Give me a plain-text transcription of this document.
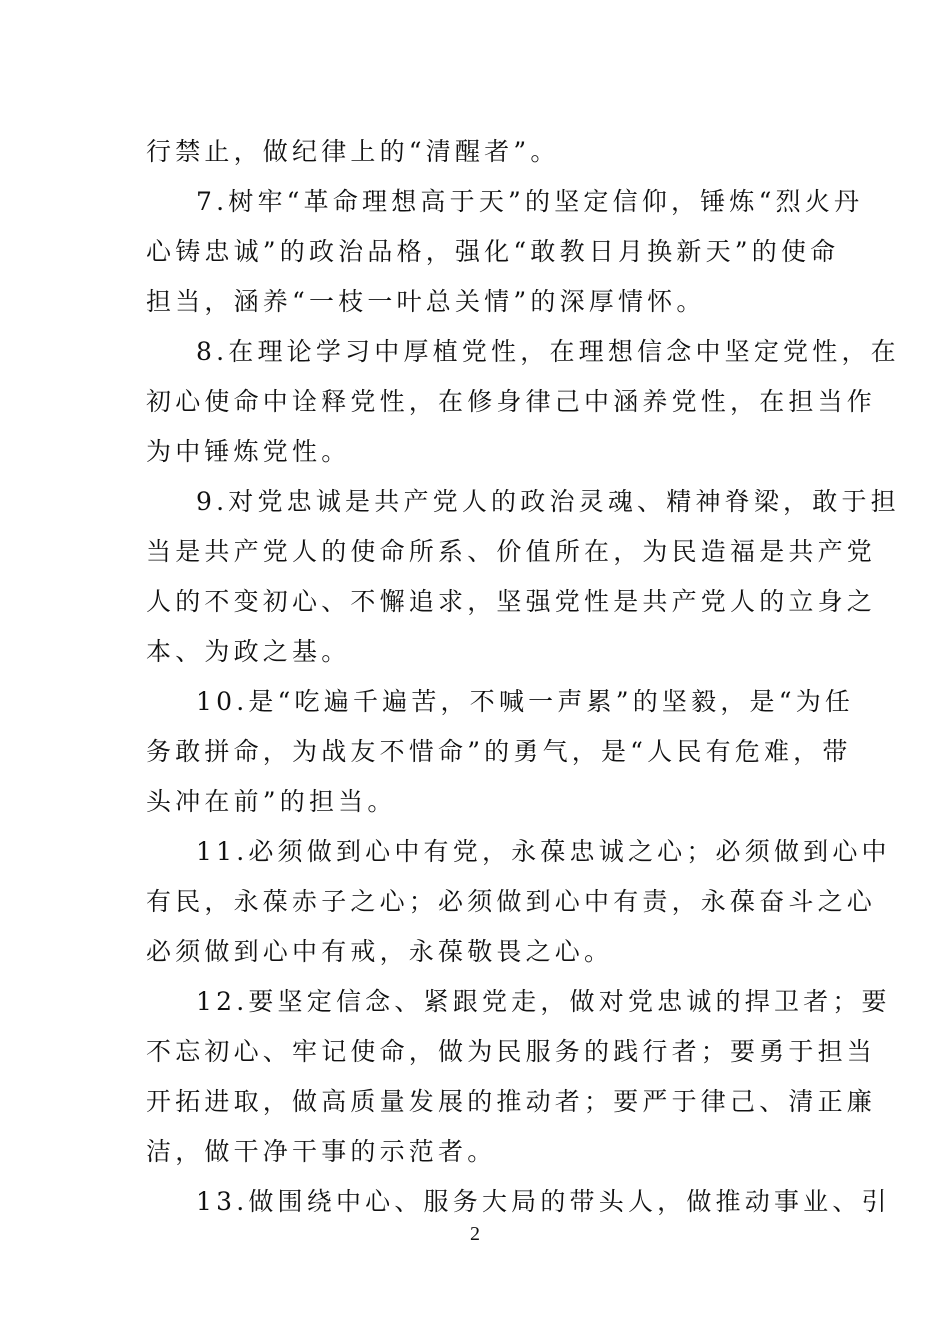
行禁止，做纪律上的“清醒者”。
7.树牢“革命理想高于天”的坚定信仰，锤炼“烈火丹
心铸忠诚”的政治品格，强化“敢教日月换新天”的使命
担当，涵养“一枝一叶总关情”的深厚情怀。
8.在理论学习中厚植党性，在理想信念中坚定党性，在
初心使命中诠释党性，在修身律己中涵养党性，在担当作
为中锤炼党性。
9.对党忠诚是共产党人的政治灵魂、精神脊梁，敢于担
当是共产党人的使命所系、价值所在，为民造福是共产党
人的不变初心、不懈追求，坚强党性是共产党人的立身之
本、为政之基。
10.是“吃遍千遍苦，不喊一声累”的坚毅，是“为任
务敢拼命，为战友不惜命”的勇气，是“人民有危难，带
头冲在前”的担当。
11.必须做到心中有党，永葆忠诚之心；必须做到心中
有民，永葆赤子之心；必须做到心中有责，永葆奋斗之心
必须做到心中有戒，永葆敬畏之心。
12.要坚定信念、紧跟党走，做对党忠诚的捍卫者；要
不忘初心、牢记使命，做为民服务的践行者；要勇于担当
开拓进取，做高质量发展的推动者；要严于律己、清正廉
洁，做干净干事的示范者。
13.做围绕中心、服务大局的带头人，做推动事业、引
2
